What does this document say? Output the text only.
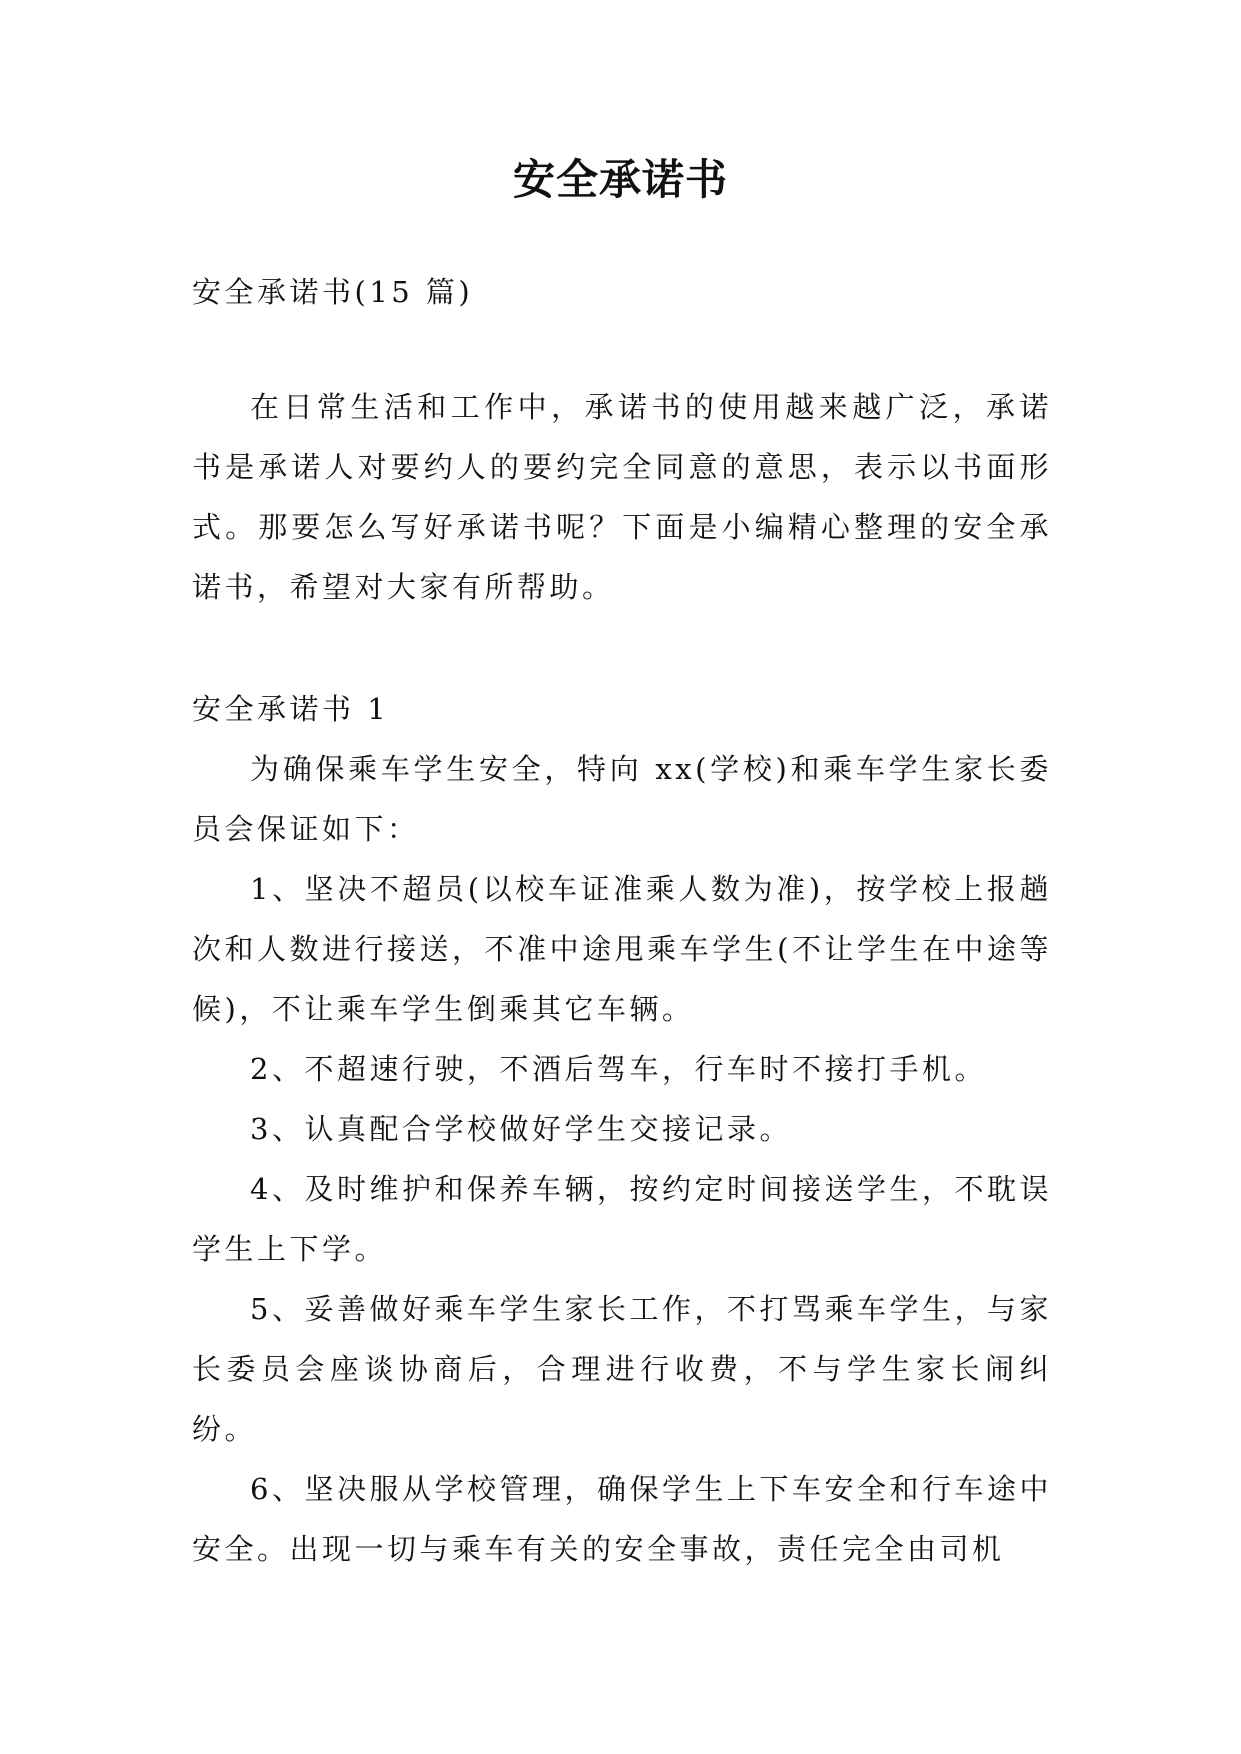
安全承诺书

安全承诺书(15 篇)

在日常生活和工作中，承诺书的使用越来越广泛，承诺书是承诺人对要约人的要约完全同意的意思，表示以书面形式。那要怎么写好承诺书呢？下面是小编精心整理的安全承诺书，希望对大家有所帮助。

安全承诺书 1

为确保乘车学生安全，特向 xx(学校)和乘车学生家长委员会保证如下：

1、坚决不超员(以校车证准乘人数为准)，按学校上报趟次和人数进行接送，不准中途甩乘车学生(不让学生在中途等候)，不让乘车学生倒乘其它车辆。

2、不超速行驶，不酒后驾车，行车时不接打手机。

3、认真配合学校做好学生交接记录。

4、及时维护和保养车辆，按约定时间接送学生，不耽误学生上下学。

5、妥善做好乘车学生家长工作，不打骂乘车学生，与家长委员会座谈协商后，合理进行收费，不与学生家长闹纠纷。

6、坚决服从学校管理，确保学生上下车安全和行车途中安全。出现一切与乘车有关的安全事故，责任完全由司机
